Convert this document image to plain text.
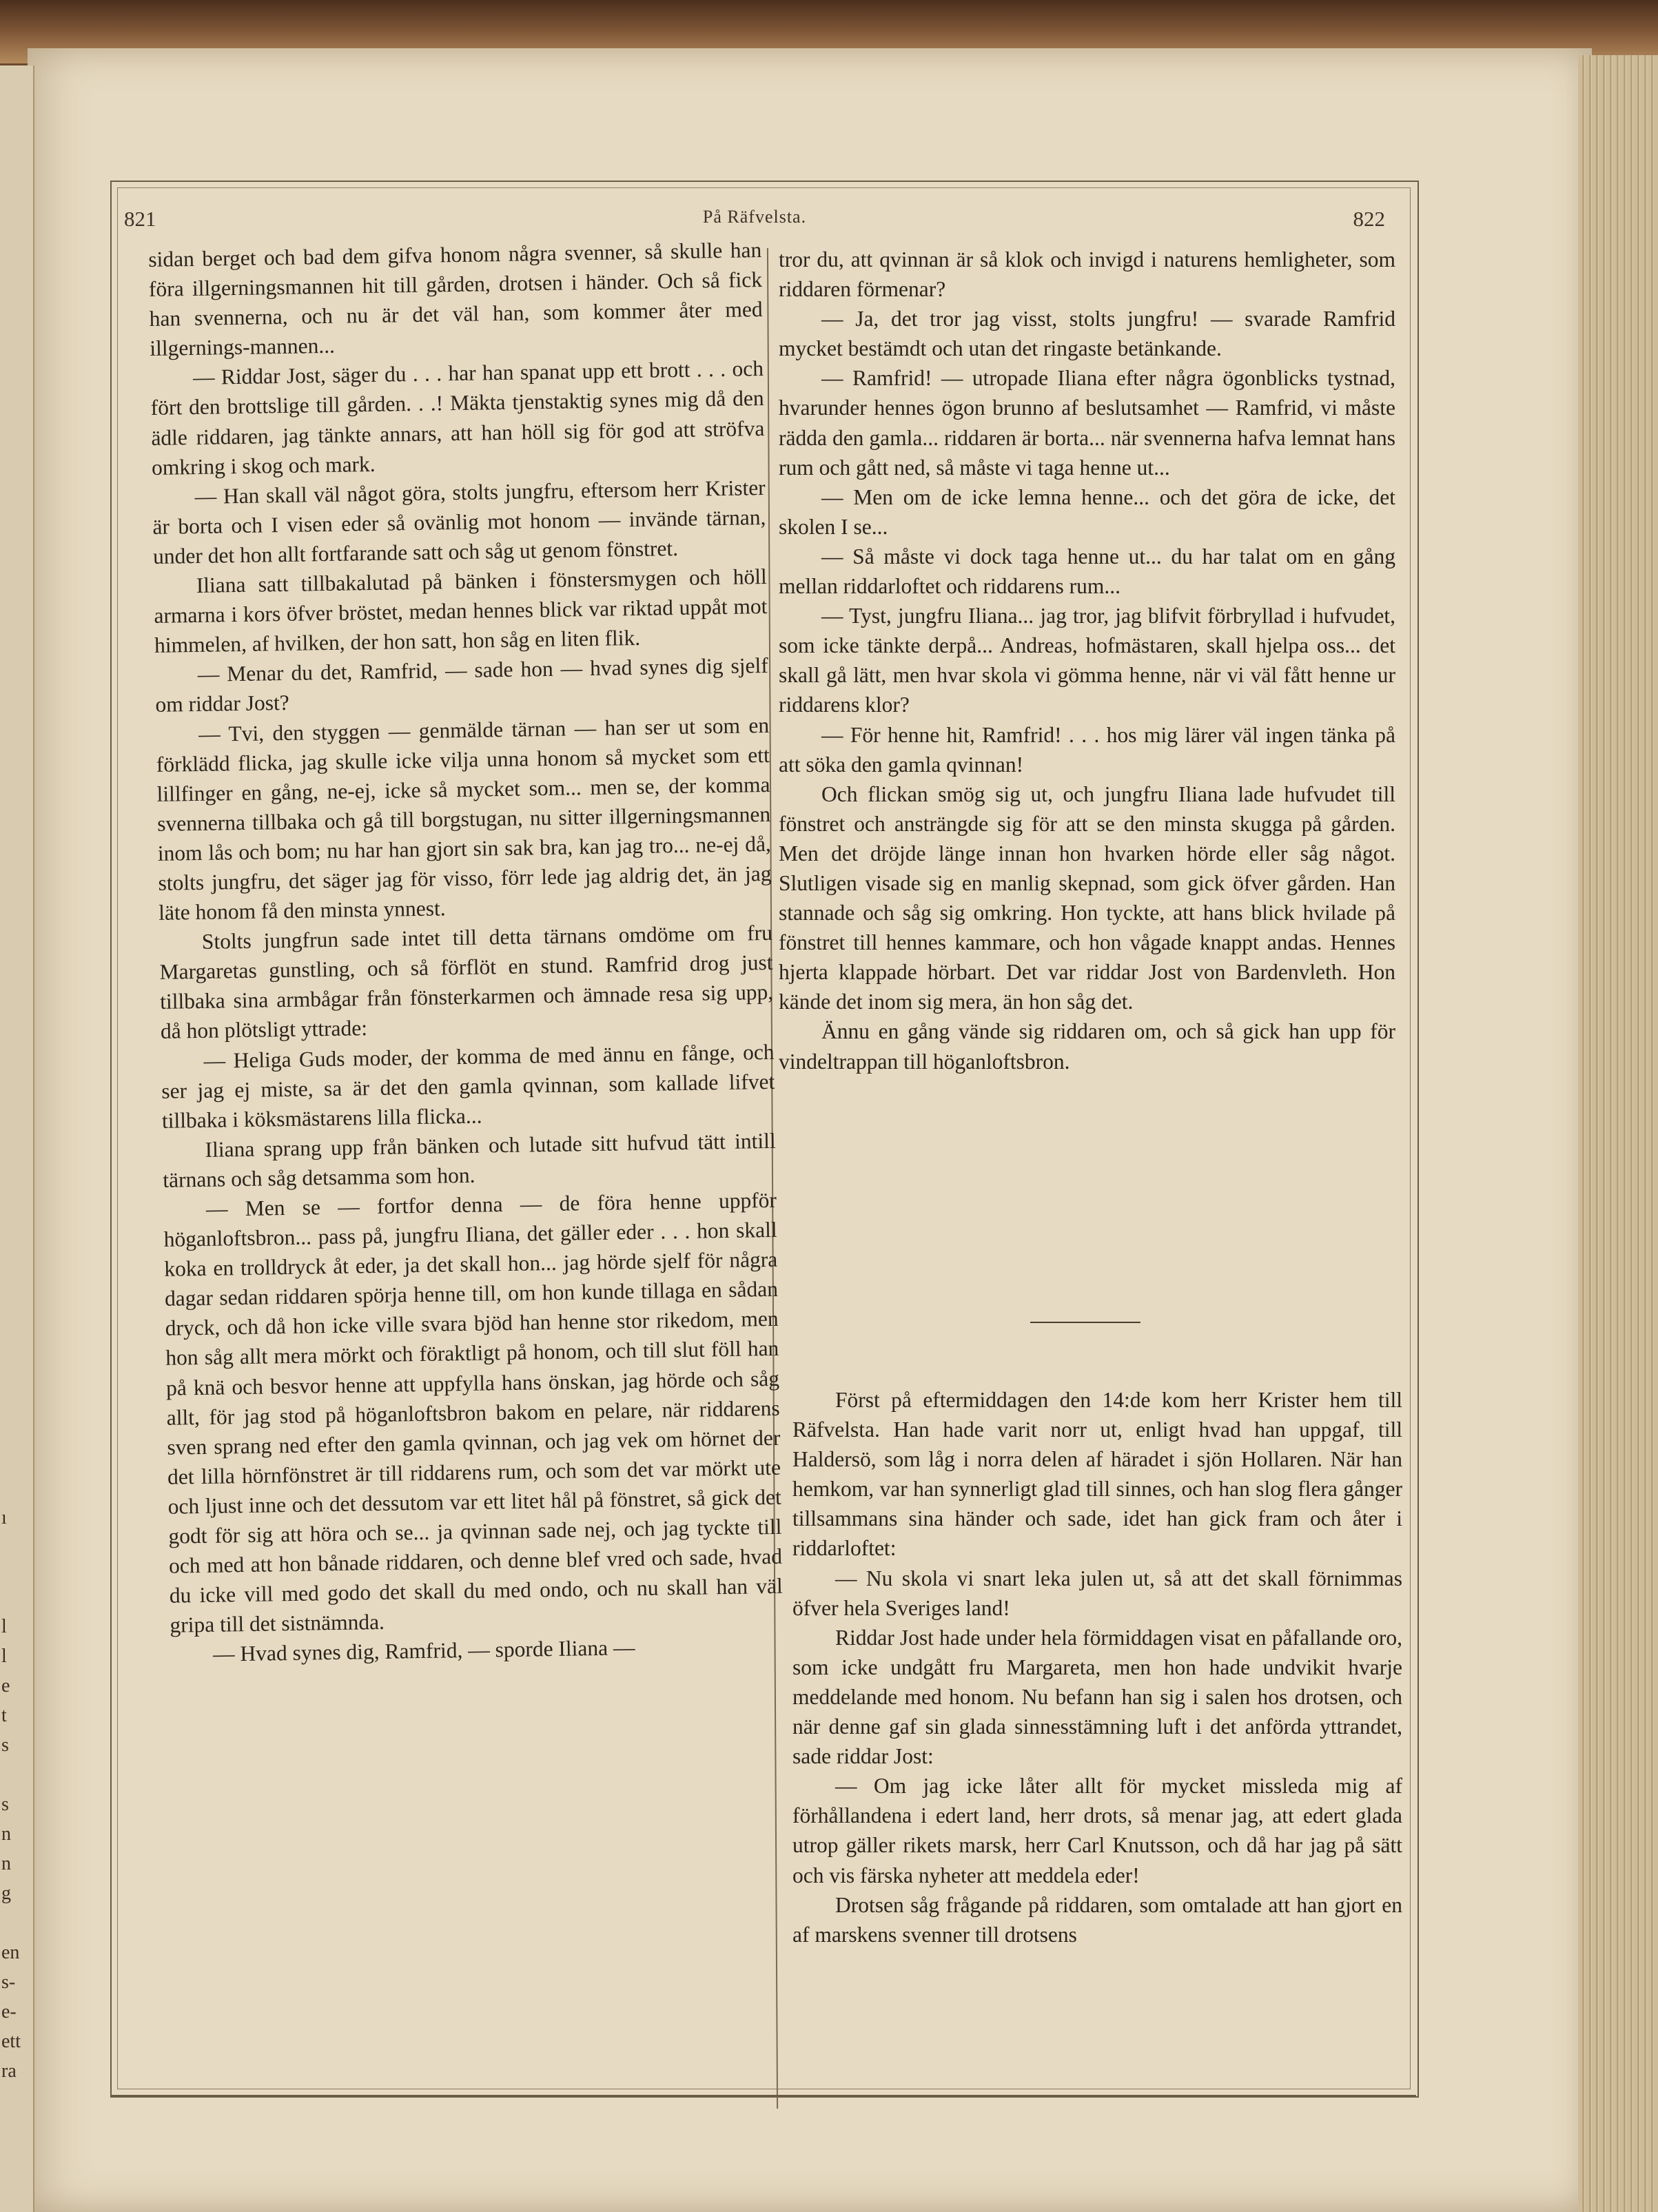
ı
l
l
e
t
s
s
n
n
g
en
s-
e-
ett
ra
821	På Räfvelsta.	822

sidan berget och bad dem gifva honom några svenner, så skulle han föra illgerningsmannen hit till gården, drotsen i händer. Och så fick han svennerna, och nu är det väl han, som kommer åter med illgernings-mannen...

— Riddar Jost, säger du . . . har han spanat upp ett brott . . . och fört den brottslige till gården. . .! Mäkta tjenstaktig synes mig då den ädle riddaren, jag tänkte annars, att han höll sig för god att ströfva omkring i skog och mark.

— Han skall väl något göra, stolts jungfru, eftersom herr Krister är borta och I visen eder så ovänlig mot honom — invände tärnan, under det hon allt fortfarande satt och såg ut genom fönstret.

Iliana satt tillbakalutad på bänken i fönstersmygen och höll armarna i kors öfver bröstet, medan hennes blick var riktad uppåt mot himmelen, af hvilken, der hon satt, hon såg en liten flik.

— Menar du det, Ramfrid, — sade hon — hvad synes dig sjelf om riddar Jost?

— Tvi, den styggen — genmälde tärnan — han ser ut som en förklädd flicka, jag skulle icke vilja unna honom så mycket som ett lillfinger en gång, ne-ej, icke så mycket som... men se, der komma svennerna tillbaka och gå till borgstugan, nu sitter illgerningsmannen inom lås och bom; nu har han gjort sin sak bra, kan jag tro... ne-ej då, stolts jungfru, det säger jag för visso, förr lede jag aldrig det, än jag läte honom få den minsta ynnest.

Stolts jungfrun sade intet till detta tärnans omdöme om fru Margaretas gunstling, och så förflöt en stund. Ramfrid drog just tillbaka sina armbågar från fönsterkarmen och ämnade resa sig upp, då hon plötsligt yttrade:

— Heliga Guds moder, der komma de med ännu en fånge, och ser jag ej miste, sa är det den gamla qvinnan, som kallade lifvet tillbaka i köksmästarens lilla flicka...

Iliana sprang upp från bänken och lutade sitt hufvud tätt intill tärnans och såg detsamma som hon.

— Men se — fortfor denna — de föra henne uppför höganloftsbron... pass på, jungfru Iliana, det gäller eder . . . hon skall koka en trolldryck åt eder, ja det skall hon... jag hörde sjelf för några dagar sedan riddaren spörja henne till, om hon kunde tillaga en sådan dryck, och då hon icke ville svara bjöd han henne stor rikedom, men hon såg allt mera mörkt och föraktligt på honom, och till slut föll han på knä och besvor henne att uppfylla hans önskan, jag hörde och såg allt, för jag stod på höganloftsbron bakom en pelare, när riddarens sven sprang ned efter den gamla qvinnan, och jag vek om hörnet der det lilla hörnfönstret är till riddarens rum, och som det var mörkt ute och ljust inne och det dessutom var ett litet hål på fönstret, så gick det godt för sig att höra och se... ja qvinnan sade nej, och jag tyckte till och med att hon bånade riddaren, och denne blef vred och sade, hvad du icke vill med godo det skall du med ondo, och nu skall han väl gripa till det sistnämnda.

— Hvad synes dig, Ramfrid, — sporde Iliana —

tror du, att qvinnan är så klok och invigd i naturens hemligheter, som riddaren förmenar?

— Ja, det tror jag visst, stolts jungfru! — svarade Ramfrid mycket bestämdt och utan det ringaste betänkande.

— Ramfrid! — utropade Iliana efter några ögonblicks tystnad, hvarunder hennes ögon brunno af beslutsamhet — Ramfrid, vi måste rädda den gamla... riddaren är borta... när svennerna hafva lemnat hans rum och gått ned, så måste vi taga henne ut...

— Men om de icke lemna henne... och det göra de icke, det skolen I se...

— Så måste vi dock taga henne ut... du har talat om en gång mellan riddarloftet och riddarens rum...

— Tyst, jungfru Iliana... jag tror, jag blifvit förbryllad i hufvudet, som icke tänkte derpå... Andreas, hofmästaren, skall hjelpa oss... det skall gå lätt, men hvar skola vi gömma henne, när vi väl fått henne ur riddarens klor?

— För henne hit, Ramfrid! . . . hos mig lärer väl ingen tänka på att söka den gamla qvinnan!

Och flickan smög sig ut, och jungfru Iliana lade hufvudet till fönstret och ansträngde sig för att se den minsta skugga på gården. Men det dröjde länge innan hon hvarken hörde eller såg något. Slutligen visade sig en manlig skepnad, som gick öfver gården. Han stannade och såg sig omkring. Hon tyckte, att hans blick hvilade på fönstret till hennes kammare, och hon vågade knappt andas. Hennes hjerta klappade hörbart. Det var riddar Jost von Bardenvleth. Hon kände det inom sig mera, än hon såg det.

Ännu en gång vände sig riddaren om, och så gick han upp för vindeltrappan till höganloftsbron.

Först på eftermiddagen den 14:de kom herr Krister hem till Räfvelsta. Han hade varit norr ut, enligt hvad han uppgaf, till Haldersö, som låg i norra delen af häradet i sjön Hollaren. När han hemkom, var han synnerligt glad till sinnes, och han slog flera gånger tillsammans sina händer och sade, idet han gick fram och åter i riddarloftet:

— Nu skola vi snart leka julen ut, så att det skall förnimmas öfver hela Sveriges land!

Riddar Jost hade under hela förmiddagen visat en påfallande oro, som icke undgått fru Margareta, men hon hade undvikit hvarje meddelande med honom. Nu befann han sig i salen hos drotsen, och när denne gaf sin glada sinnesstämning luft i det anförda yttrandet, sade riddar Jost:

— Om jag icke låter allt för mycket missleda mig af förhållandena i edert land, herr drots, så menar jag, att edert glada utrop gäller rikets marsk, herr Carl Knutsson, och då har jag på sätt och vis färska nyheter att meddela eder!

Drotsen såg frågande på riddaren, som omtalade att han gjort en af marskens svenner till drotsens
